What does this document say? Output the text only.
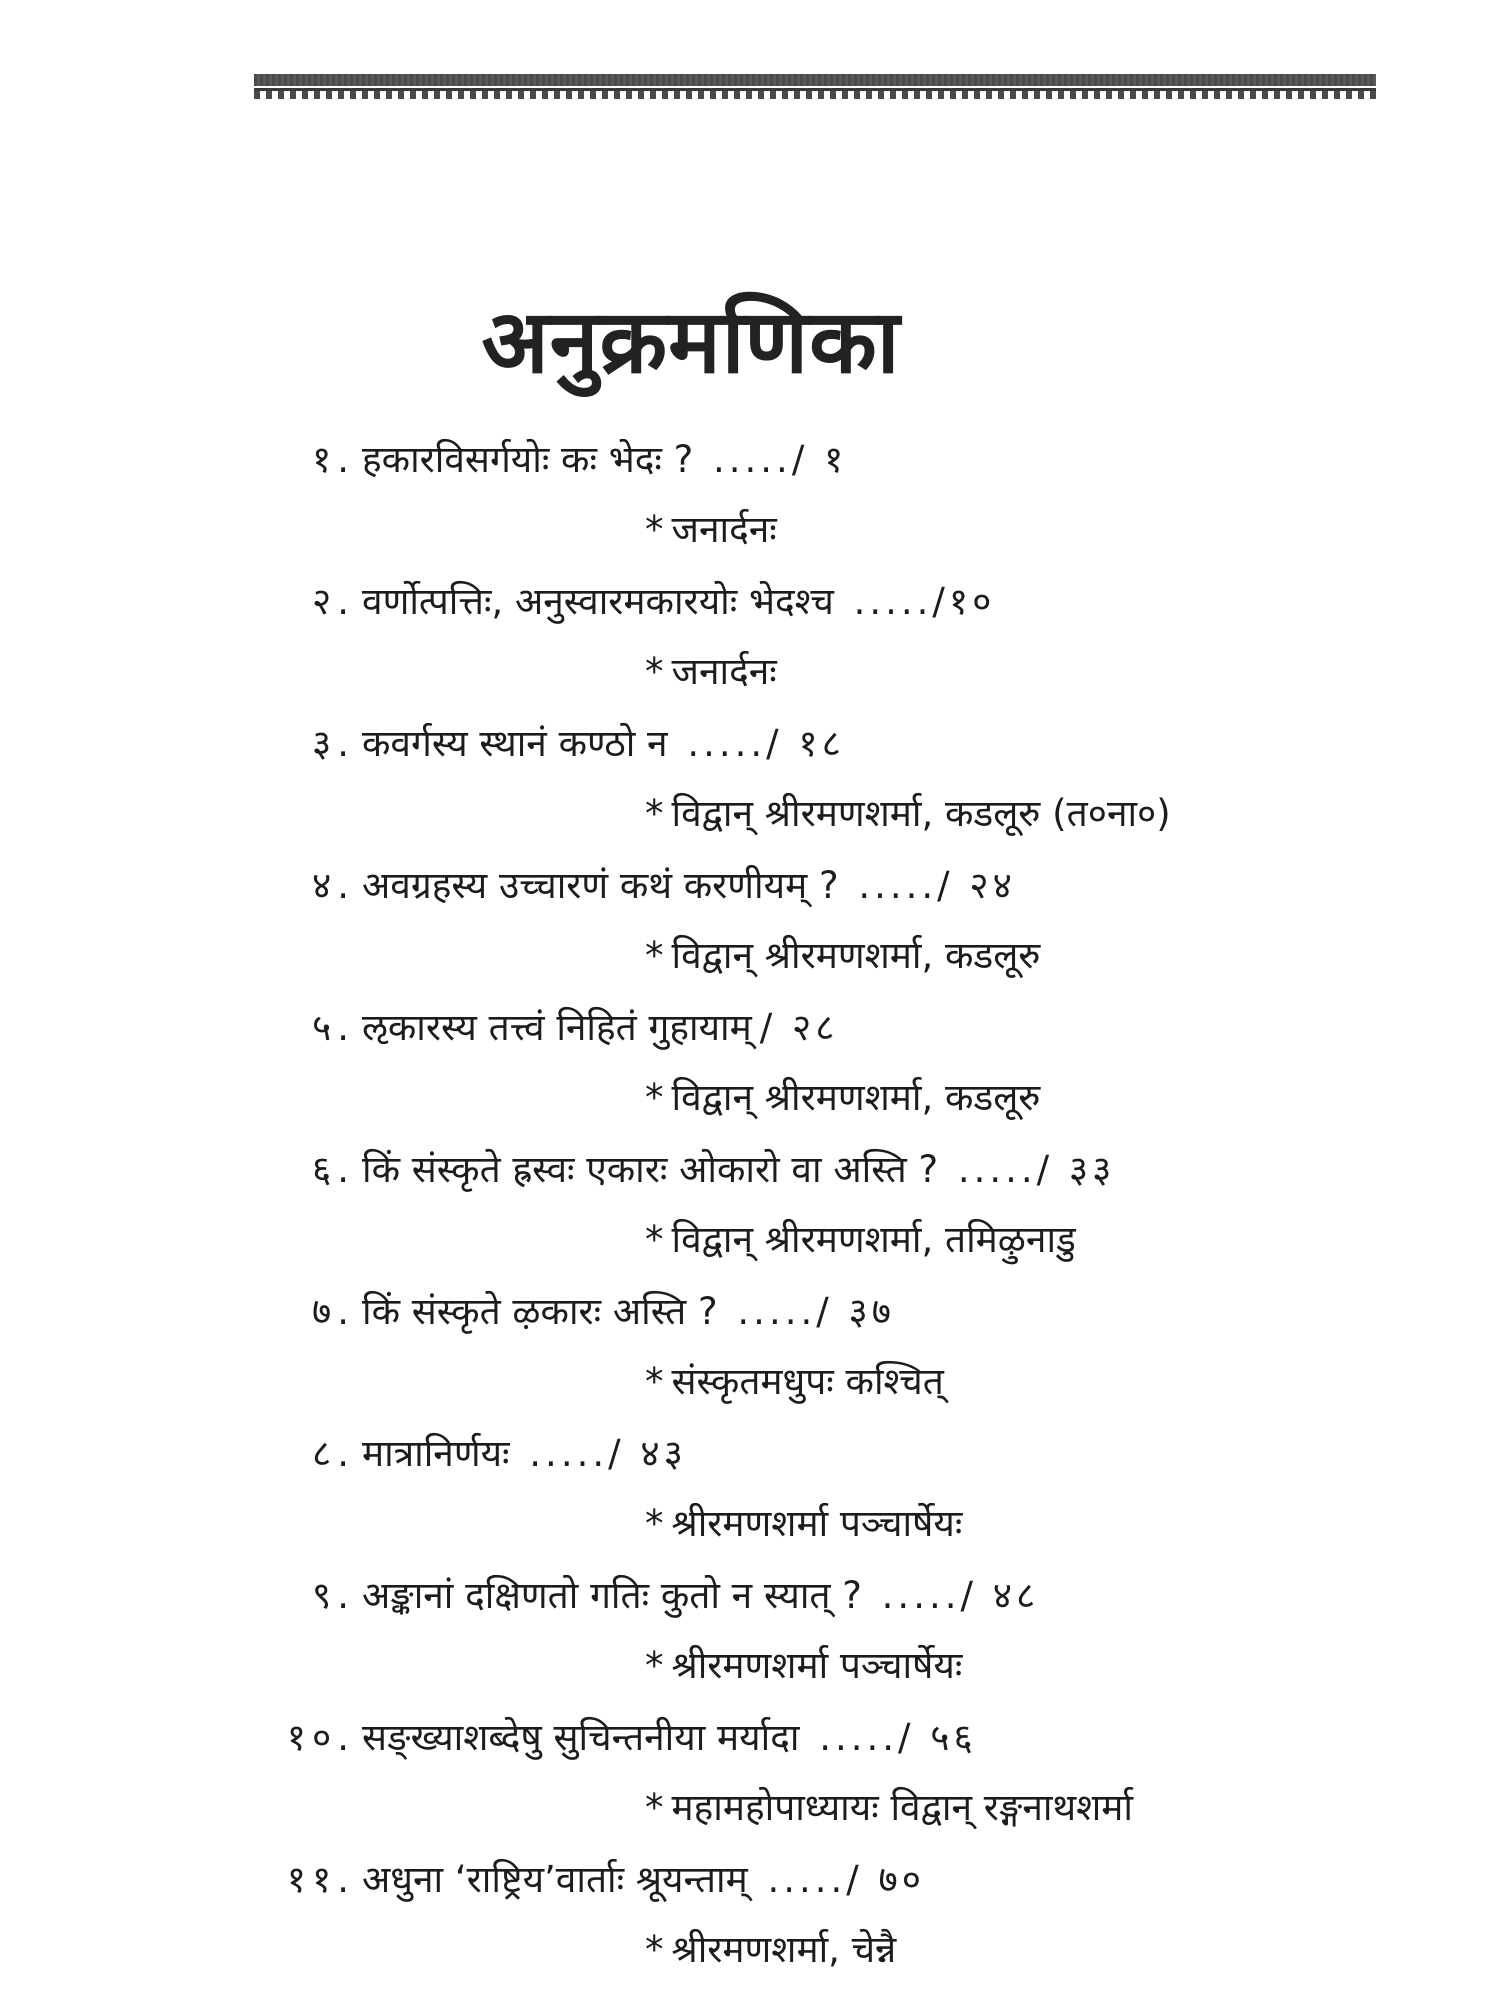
अनुक्रमणिका
१. हकारविसर्गयोः कः भेदः ? ...../ १
* जनार्दनः
२. वर्णोत्पत्तिः, अनुस्वारमकारयोः भेदश्च ...../१०
* जनार्दनः
३. कवर्गस्य स्थानं कण्ठो न ...../ १८
* विद्वान् श्रीरमणशर्मा, कडलूरु (त०ना०)
४. अवग्रहस्य उच्चारणं कथं करणीयम् ? ...../ २४
* विद्वान् श्रीरमणशर्मा, कडलूरु
५. ऌकारस्य तत्त्वं निहितं गुहायाम् / २८
* विद्वान् श्रीरमणशर्मा, कडलूरु
६. किं संस्कृते ह्रस्वः एकारः ओकारो वा अस्ति ? ...../ ३३
* विद्वान् श्रीरमणशर्मा, तमिऴुनाडु
७. किं संस्कृते ऴकारः अस्ति ? ...../ ३७
* संस्कृतमधुपः कश्चित्
८. मात्रानिर्णयः ...../ ४३
* श्रीरमणशर्मा पञ्चार्षेयः
९. अङ्कानां दक्षिणतो गतिः कुतो न स्यात् ? ...../ ४८
* श्रीरमणशर्मा पञ्चार्षेयः
१०. सङ्ख्याशब्देषु सुचिन्तनीया मर्यादा ...../ ५६
* महामहोपाध्यायः विद्वान् रङ्गनाथशर्मा
११. अधुना ‘राष्ट्रिय’वार्ताः श्रूयन्ताम् ...../ ७०
* श्रीरमणशर्मा, चेन्नै
